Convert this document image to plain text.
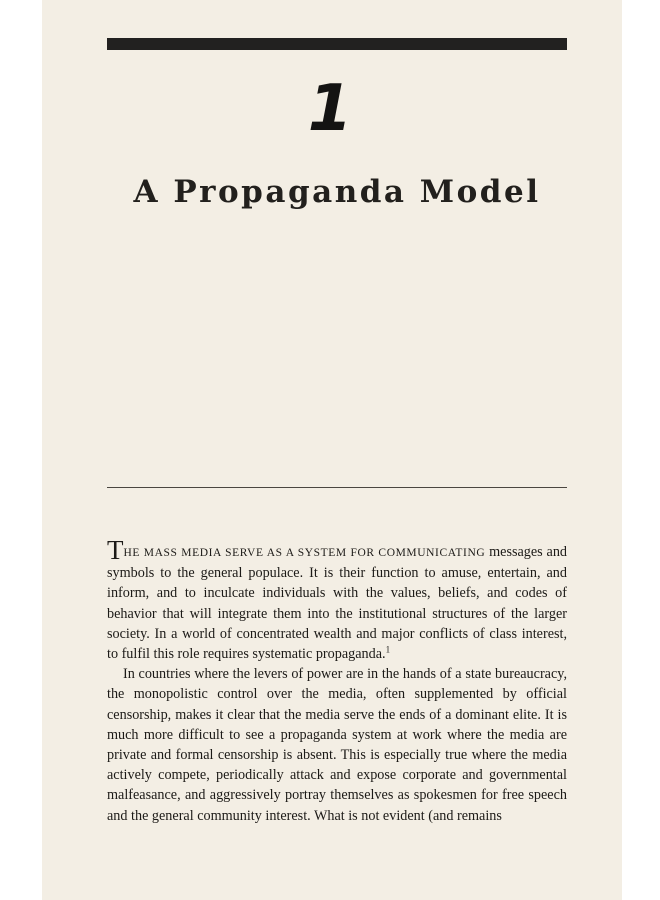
1
A Propaganda Model

THE MASS MEDIA SERVE AS A SYSTEM FOR COMMUNICATING messages and symbols to the general populace. It is their function to amuse, entertain, and inform, and to inculcate individuals with the values, beliefs, and codes of behavior that will integrate them into the institutional structures of the larger society. In a world of concentrated wealth and major conflicts of class interest, to fulfil this role requires systematic propaganda.$^1$

In countries where the levers of power are in the hands of a state bureaucracy, the monopolistic control over the media, often supplemented by official censorship, makes it clear that the media serve the ends of a dominant elite. It is much more difficult to see a propaganda system at work where the media are private and formal censorship is absent. This is especially true where the media actively compete, periodically attack and expose corporate and governmental malfeasance, and aggressively portray themselves as spokesmen for free speech and the general community interest. What is not evident (and remains
